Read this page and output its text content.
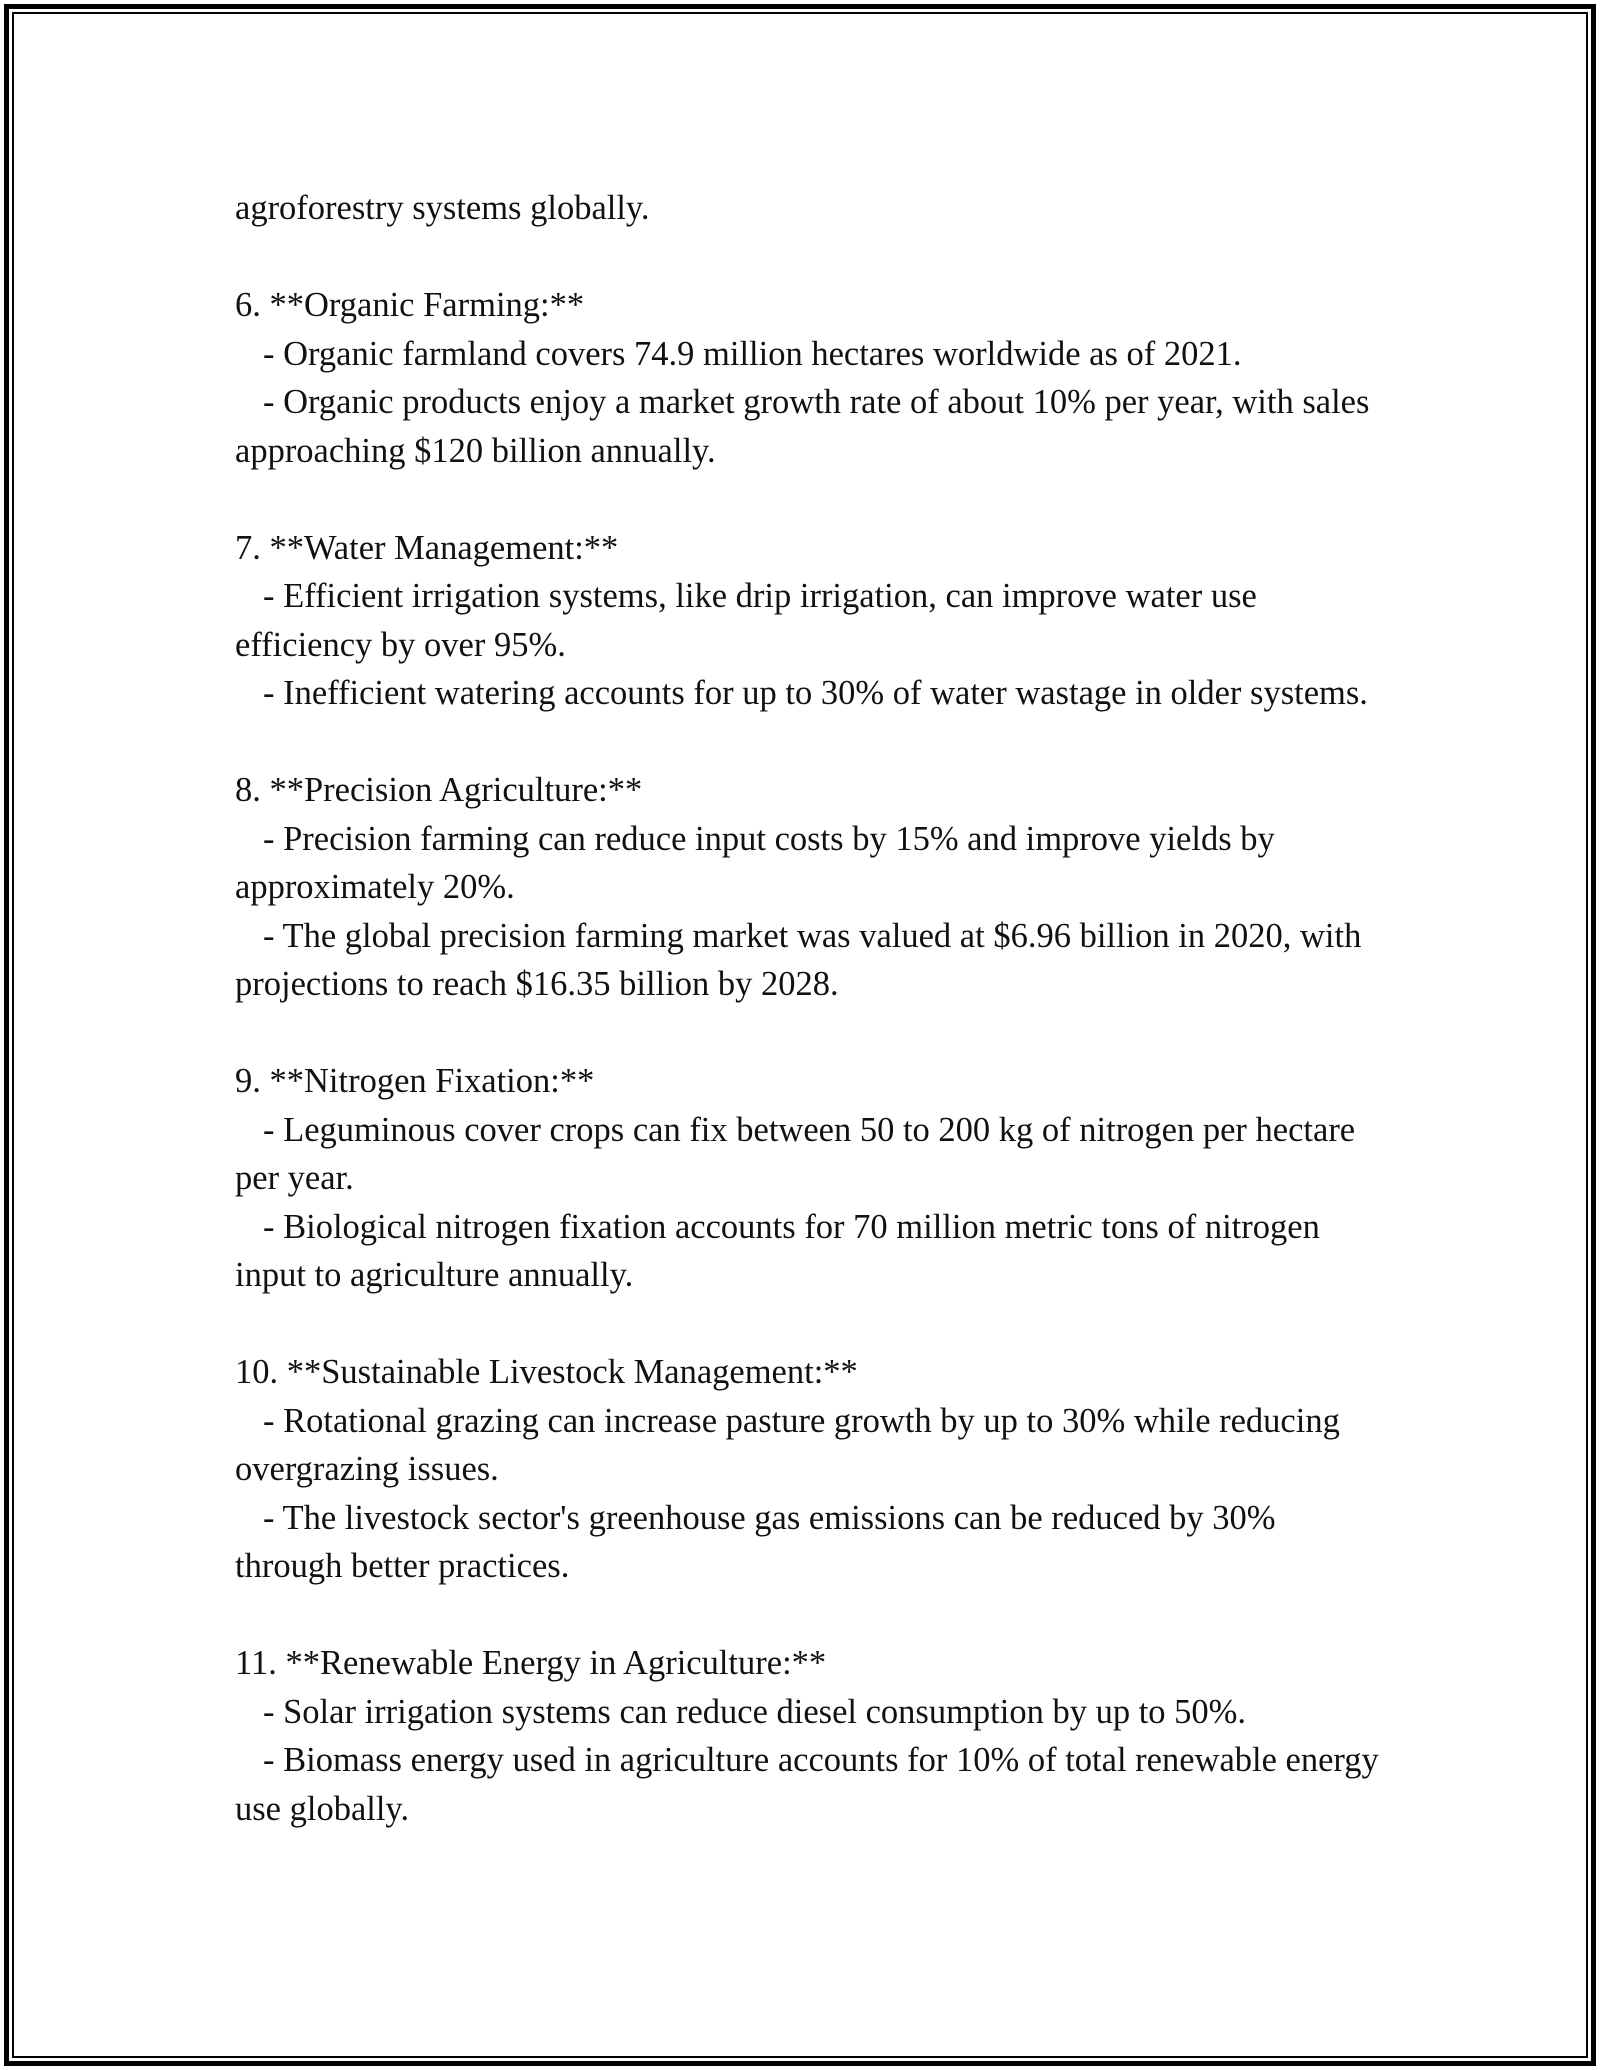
agroforestry systems globally.

6. **Organic Farming:**

- Organic farmland covers 74.9 million hectares worldwide as of 2021.

- Organic products enjoy a market growth rate of about 10% per year, with sales approaching $120 billion annually.

7. **Water Management:**

- Efficient irrigation systems, like drip irrigation, can improve water use efficiency by over 95%.

- Inefficient watering accounts for up to 30% of water wastage in older systems.

8. **Precision Agriculture:**

- Precision farming can reduce input costs by 15% and improve yields by approximately 20%.

- The global precision farming market was valued at $6.96 billion in 2020, with projections to reach $16.35 billion by 2028.

9. **Nitrogen Fixation:**

- Leguminous cover crops can fix between 50 to 200 kg of nitrogen per hectare per year.

- Biological nitrogen fixation accounts for 70 million metric tons of nitrogen input to agriculture annually.

10. **Sustainable Livestock Management:**

- Rotational grazing can increase pasture growth by up to 30% while reducing overgrazing issues.

- The livestock sector's greenhouse gas emissions can be reduced by 30% through better practices.

11. **Renewable Energy in Agriculture:**

- Solar irrigation systems can reduce diesel consumption by up to 50%.

- Biomass energy used in agriculture accounts for 10% of total renewable energy use globally.
